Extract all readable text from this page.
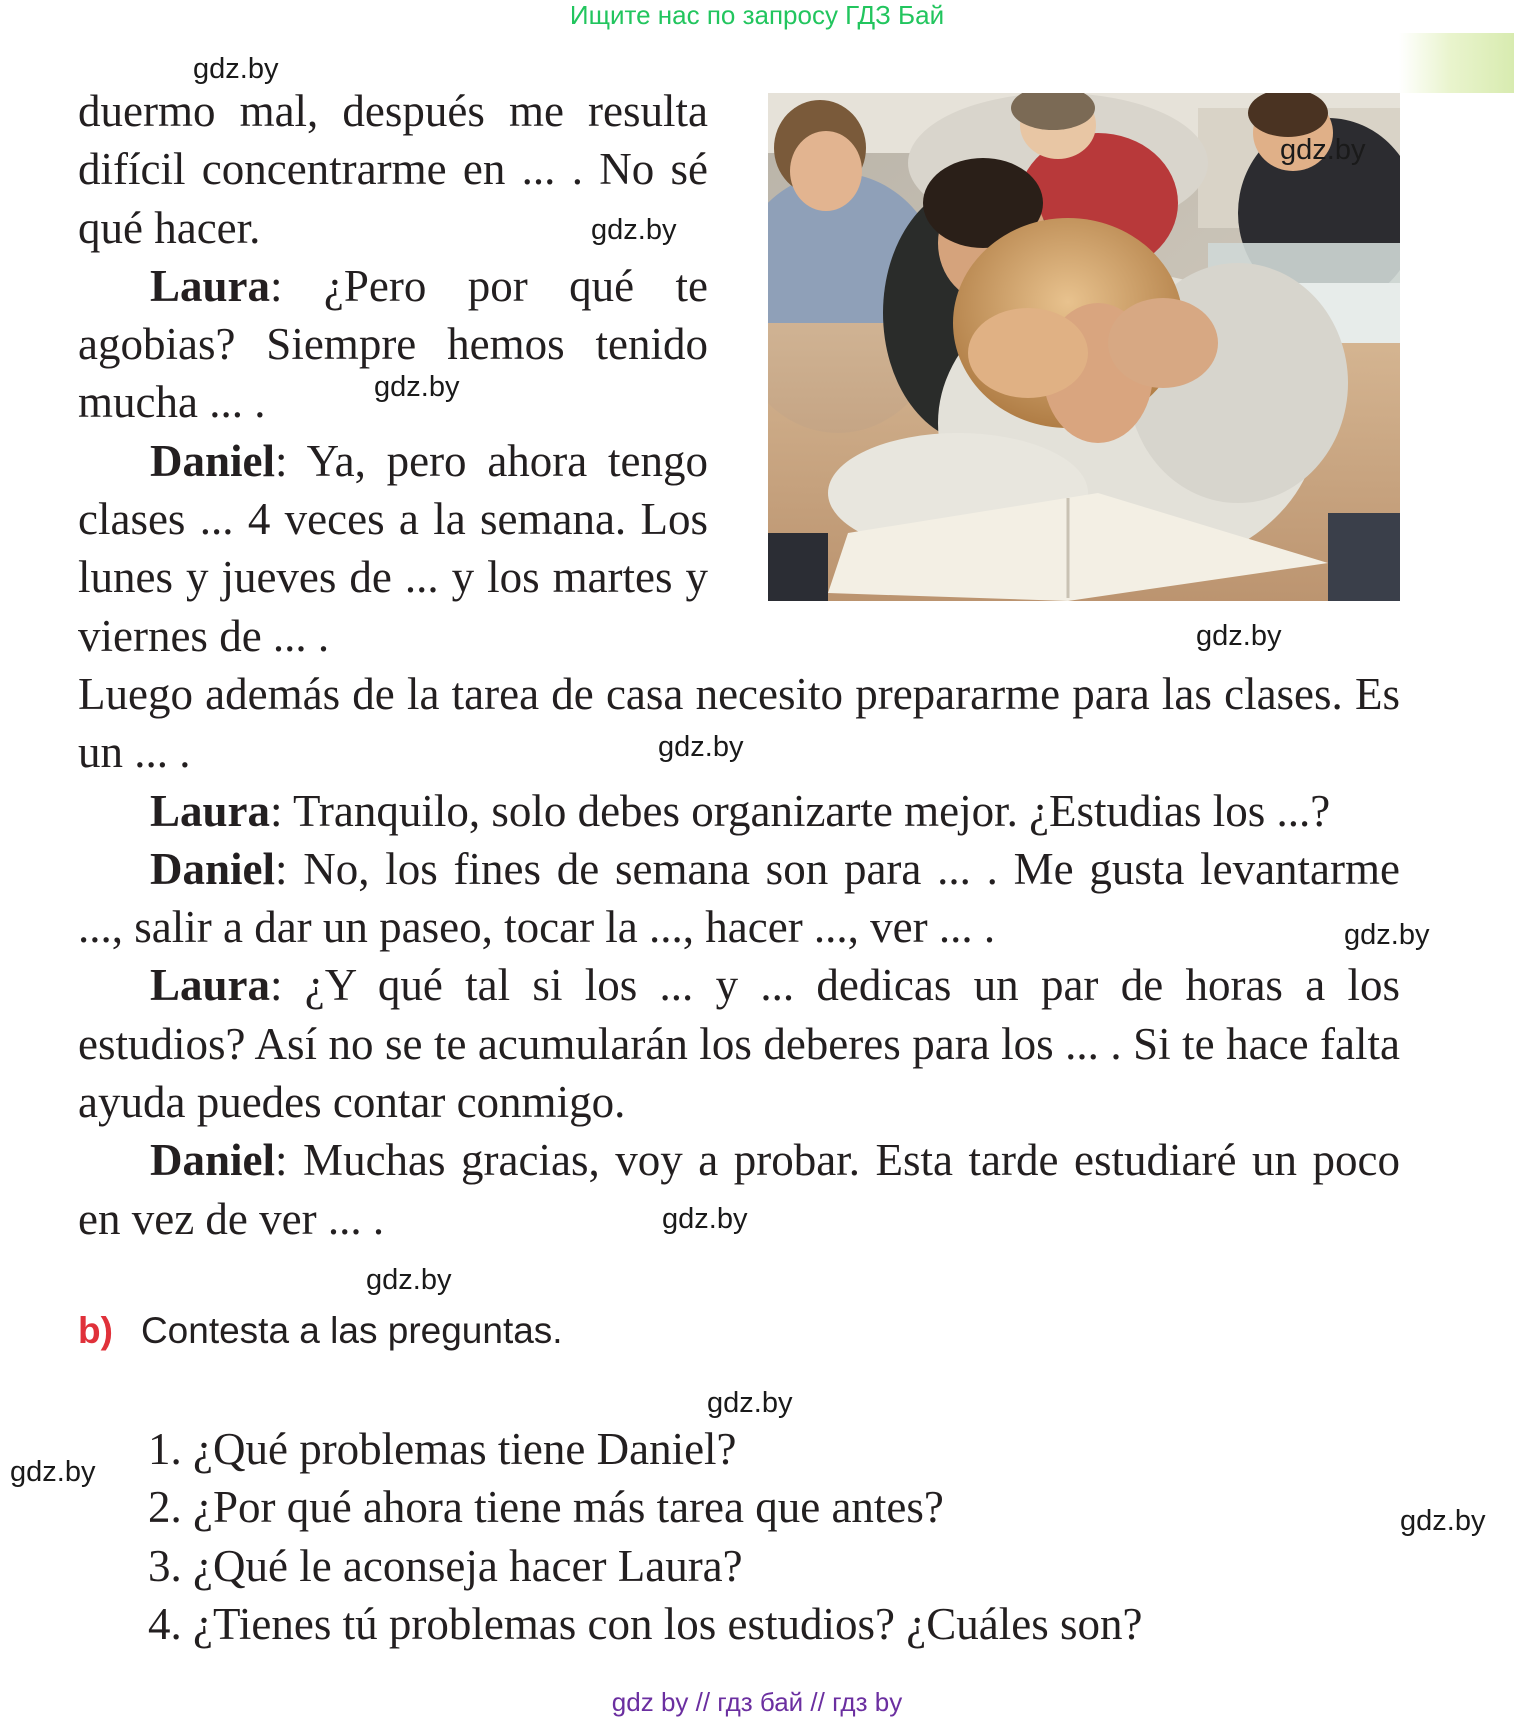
Ищите нас по запросу ГДЗ Бай

duermo mal, después me resulta difícil concentrarme en ... . No sé qué hacer.

Laura: ¿Pero por qué te agobias? Siempre hemos tenido mucha ... .

Daniel: Ya, pero ahora tengo clases ... 4 veces a la semana. Los lunes y jueves de ... y los martes y viernes de ... .

Luego además de la tarea de casa necesito prepararme para las clases. Es un ... .

Laura: Tranquilo, solo debes organizarte mejor. ¿Estudias los ...?

Daniel: No, los fines de semana son para ... . Me gusta levantarme ..., salir a dar un paseo, tocar la ..., hacer ..., ver ... .

Laura: ¿Y qué tal si los ... y ... dedicas un par de horas a los estudios? Así no se te acumularán los deberes para los ... . Si te hace falta ayuda puedes contar conmigo.

Daniel: Muchas gracias, voy a probar. Esta tarde estudiaré un poco en vez de ver ... .

b) Contesta a las preguntas.
1. ¿Qué problemas tiene Daniel?
2. ¿Por qué ahora tiene más tarea que antes?
3. ¿Qué le aconseja hacer Laura?
4. ¿Tienes tú problemas con los estudios? ¿Cuáles son?
gdz.by
gdz.by
gdz.by
gdz.by
gdz.by
gdz.by
gdz.by
gdz.by
gdz.by
gdz.by
gdz.by
gdz.by
gdz by // гдз бай // гдз by
